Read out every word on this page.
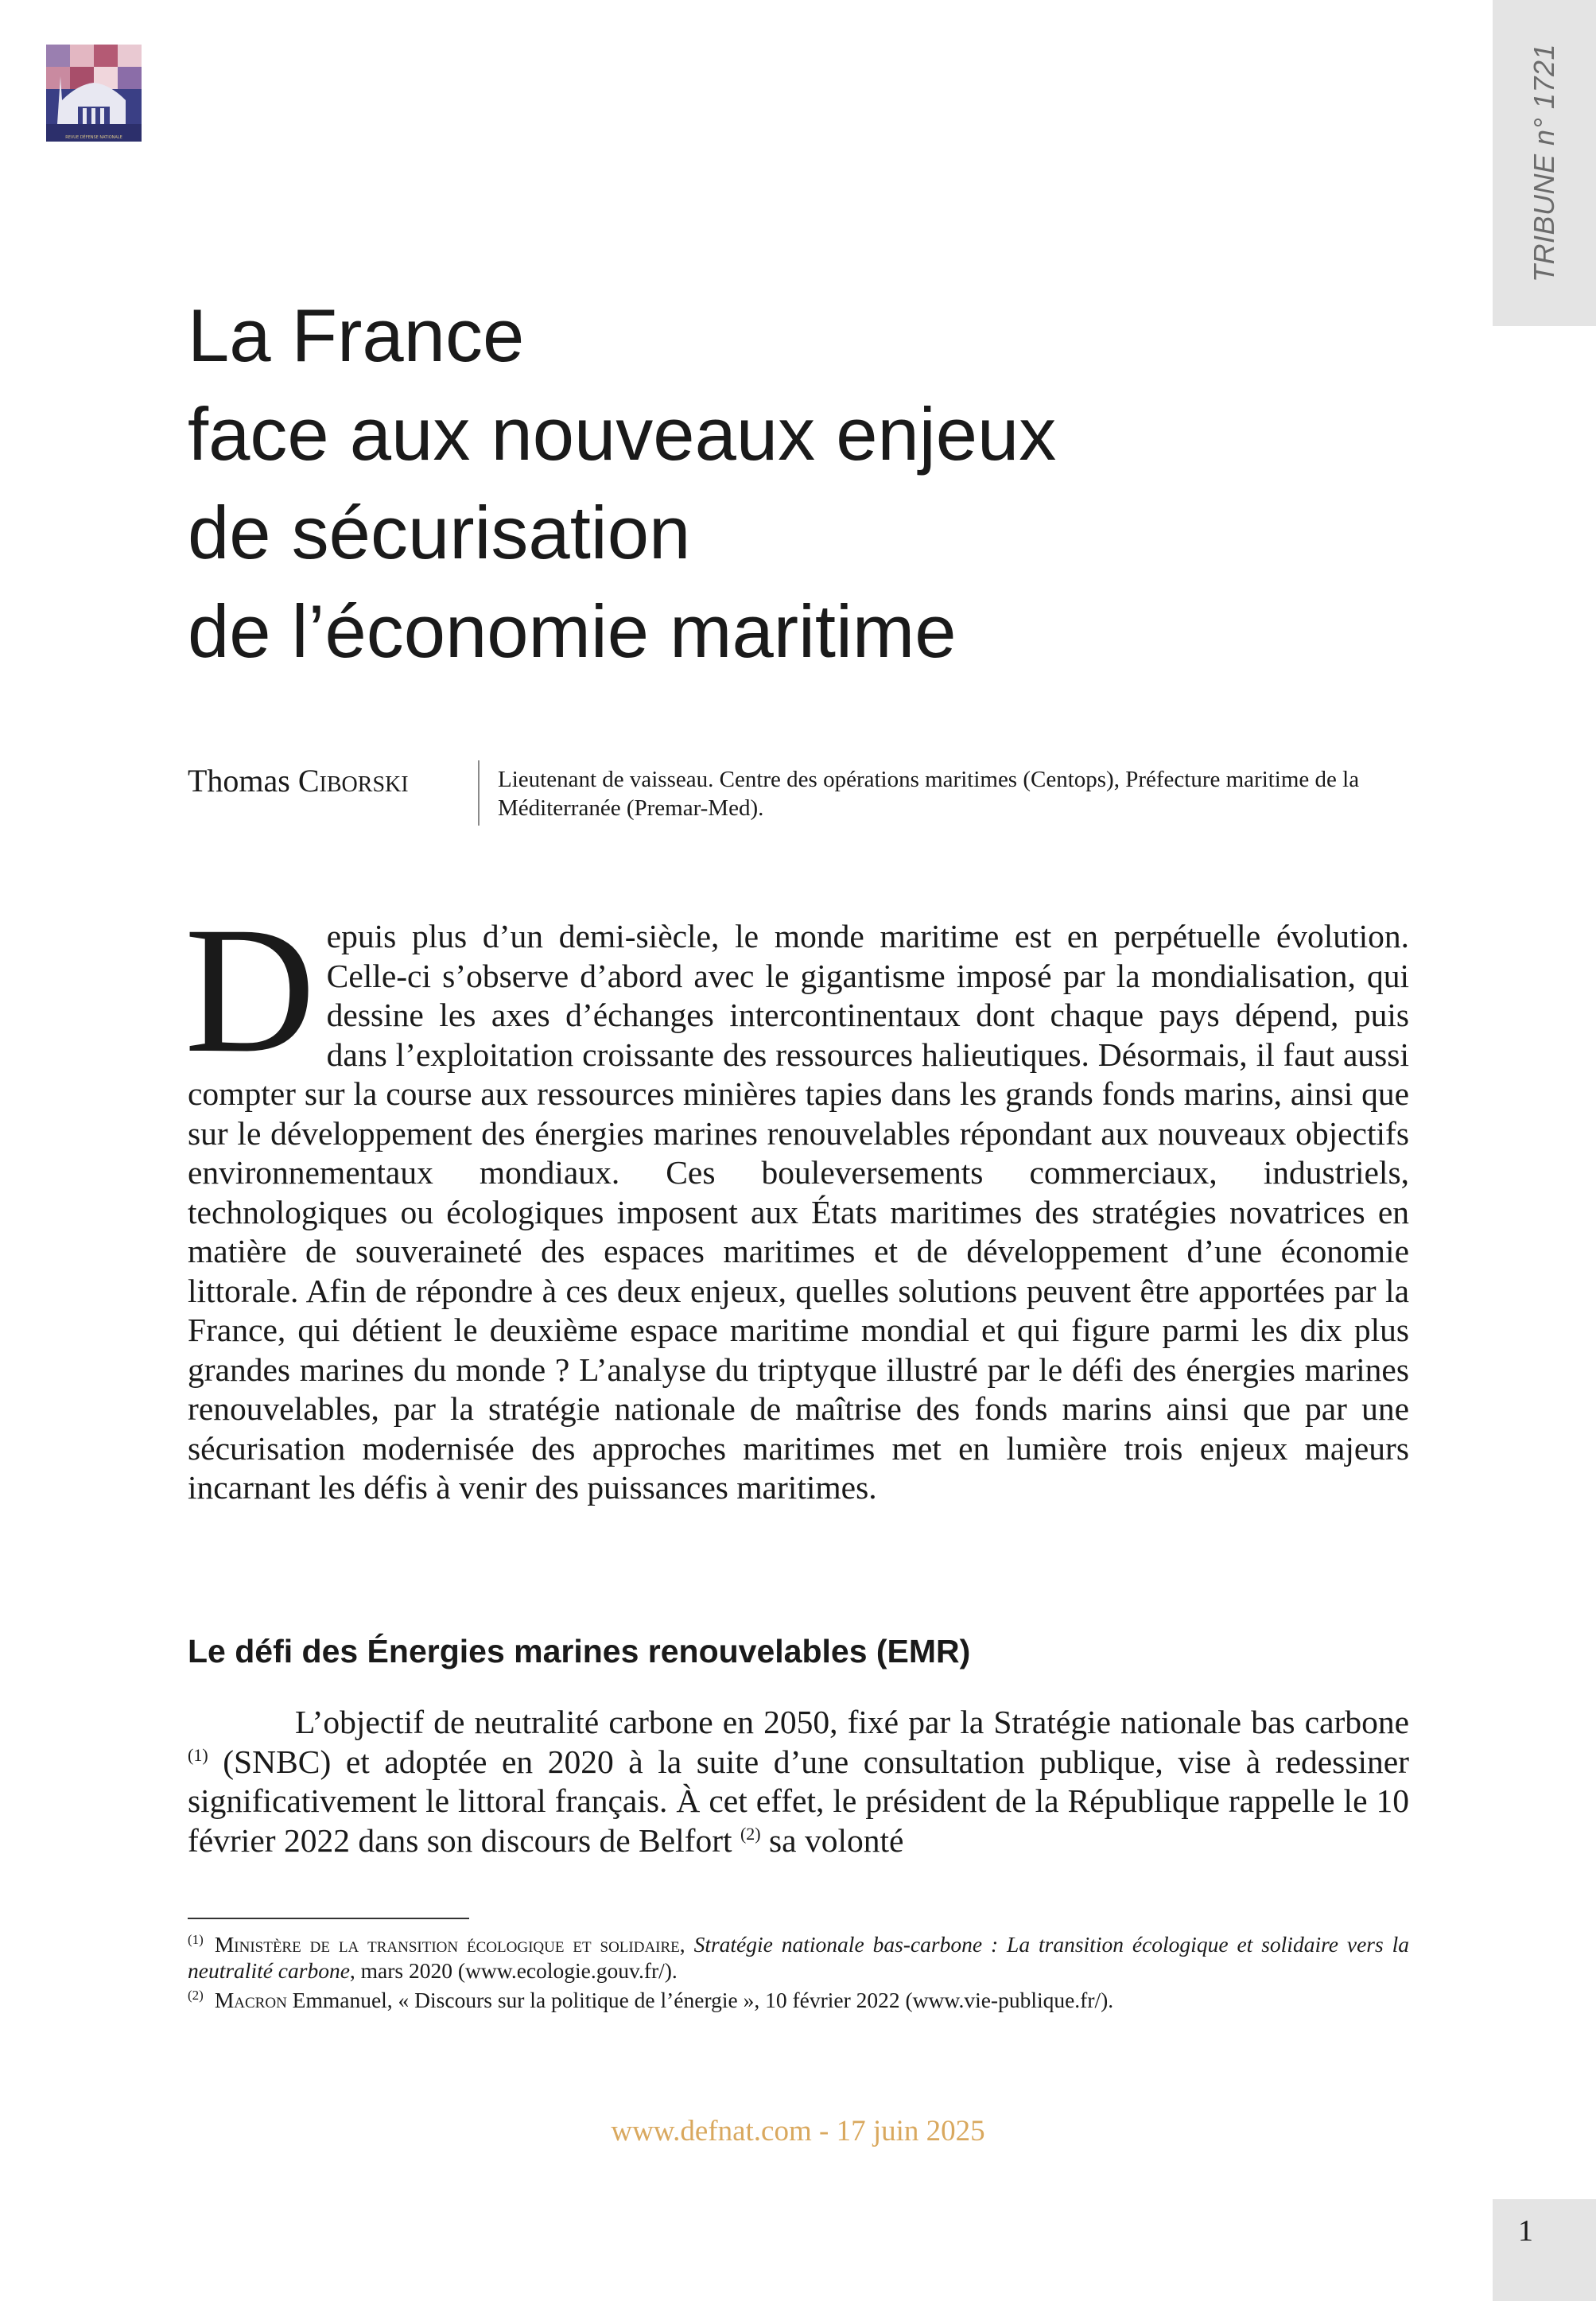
REVUE DÉFENSE NATIONALE	TRIBUNE n° 1721
La France
face aux nouveaux enjeux
de sécurisation
de l’économie maritime
Thomas Ciborski	Lieutenant de vaisseau. Centre des opérations maritimes (Centops), Préfecture maritime de la Méditerranée (Premar-Med).
Depuis plus d’un demi-siècle, le monde maritime est en perpétuelle évolution. Celle-ci s’observe d’abord avec le gigantisme imposé par la mondialisation, qui dessine les axes d’échanges intercontinentaux dont chaque pays dépend, puis dans l’exploitation croissante des ressources halieutiques. Désormais, il faut aussi compter sur la course aux ressources minières tapies dans les grands fonds marins, ainsi que sur le développement des énergies marines renouvelables répondant aux nouveaux objectifs environnementaux mondiaux. Ces bouleversements commerciaux, industriels, technologiques ou écologiques imposent aux États maritimes des stratégies novatrices en matière de souveraineté des espaces maritimes et de développement d’une économie littorale. Afin de répondre à ces deux enjeux, quelles solutions peuvent être apportées par la France, qui détient le deuxième espace maritime mondial et qui figure parmi les dix plus grandes marines du monde ? L’analyse du triptyque illustré par le défi des énergies marines renouvelables, par la stratégie nationale de maîtrise des fonds marins ainsi que par une sécurisation modernisée des approches maritimes met en lumière trois enjeux majeurs incarnant les défis à venir des puissances maritimes.
Le défi des Énergies marines renouvelables (EMR)
L’objectif de neutralité carbone en 2050, fixé par la Stratégie nationale bas carbone $^{(1)}$ (SNBC) et adoptée en 2020 à la suite d’une consultation publique, vise à redessiner significativement le littoral français. À cet effet, le président de la République rappelle le 10 février 2022 dans son discours de Belfort $^{(2)}$ sa volonté

$^{(1)}$ Ministère de la transition écologique et solidaire, Stratégie nationale bas-carbone : La transition écologique et solidaire vers la neutralité carbone, mars 2020 (www.ecologie.gouv.fr/).

$^{(2)}$ Macron Emmanuel, « Discours sur la politique de l’énergie », 10 février 2022 (www.vie-publique.fr/).

www.defnat.com - 17 juin 2025
1
